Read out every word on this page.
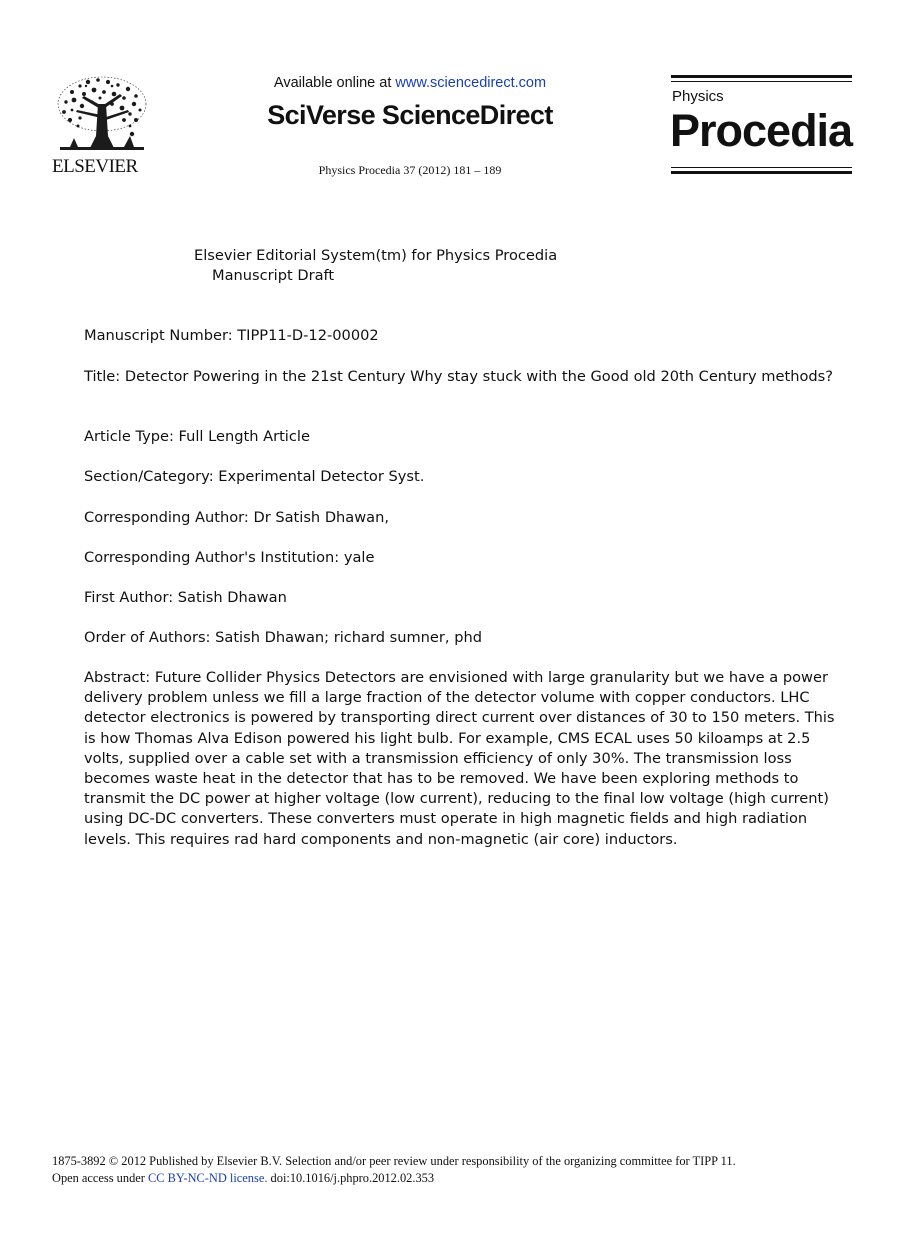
ELSEVIER
Available online at www.sciencedirect.com
SciVerse ScienceDirect
Physics Procedia 37 (2012) 181 – 189
Physics
Procedia
Elsevier Editorial System(tm) for Physics Procedia
Manuscript Draft
Manuscript Number: TIPP11-D-12-00002
Title: Detector Powering in the 21st Century Why stay stuck with the Good old 20th Century methods?
Article Type: Full Length Article
Section/Category: Experimental Detector Syst.
Corresponding Author: Dr Satish Dhawan,
Corresponding Author's Institution: yale
First Author: Satish Dhawan
Order of Authors: Satish Dhawan; richard sumner, phd
Abstract: Future Collider Physics Detectors are envisioned with large granularity but we have a power
delivery problem unless we fill a large fraction of the detector volume with copper conductors. LHC
detector electronics is powered by transporting direct current over distances of 30 to 150 meters. This
is how Thomas Alva Edison powered his light bulb. For example, CMS ECAL uses 50 kiloamps at 2.5
volts, supplied over a cable set with a transmission efficiency of only 30%. The transmission loss
becomes waste heat in the detector that has to be removed. We have been exploring methods to
transmit the DC power at higher voltage (low current), reducing to the final low voltage (high current)
using DC-DC converters. These converters must operate in high magnetic fields and high radiation
levels. This requires rad hard components and non-magnetic (air core) inductors.
1875-3892 © 2012 Published by Elsevier B.V. Selection and/or peer review under responsibility of the organizing committee for TIPP 11.
Open access under CC BY-NC-ND license. doi:10.1016/j.phpro.2012.02.353
